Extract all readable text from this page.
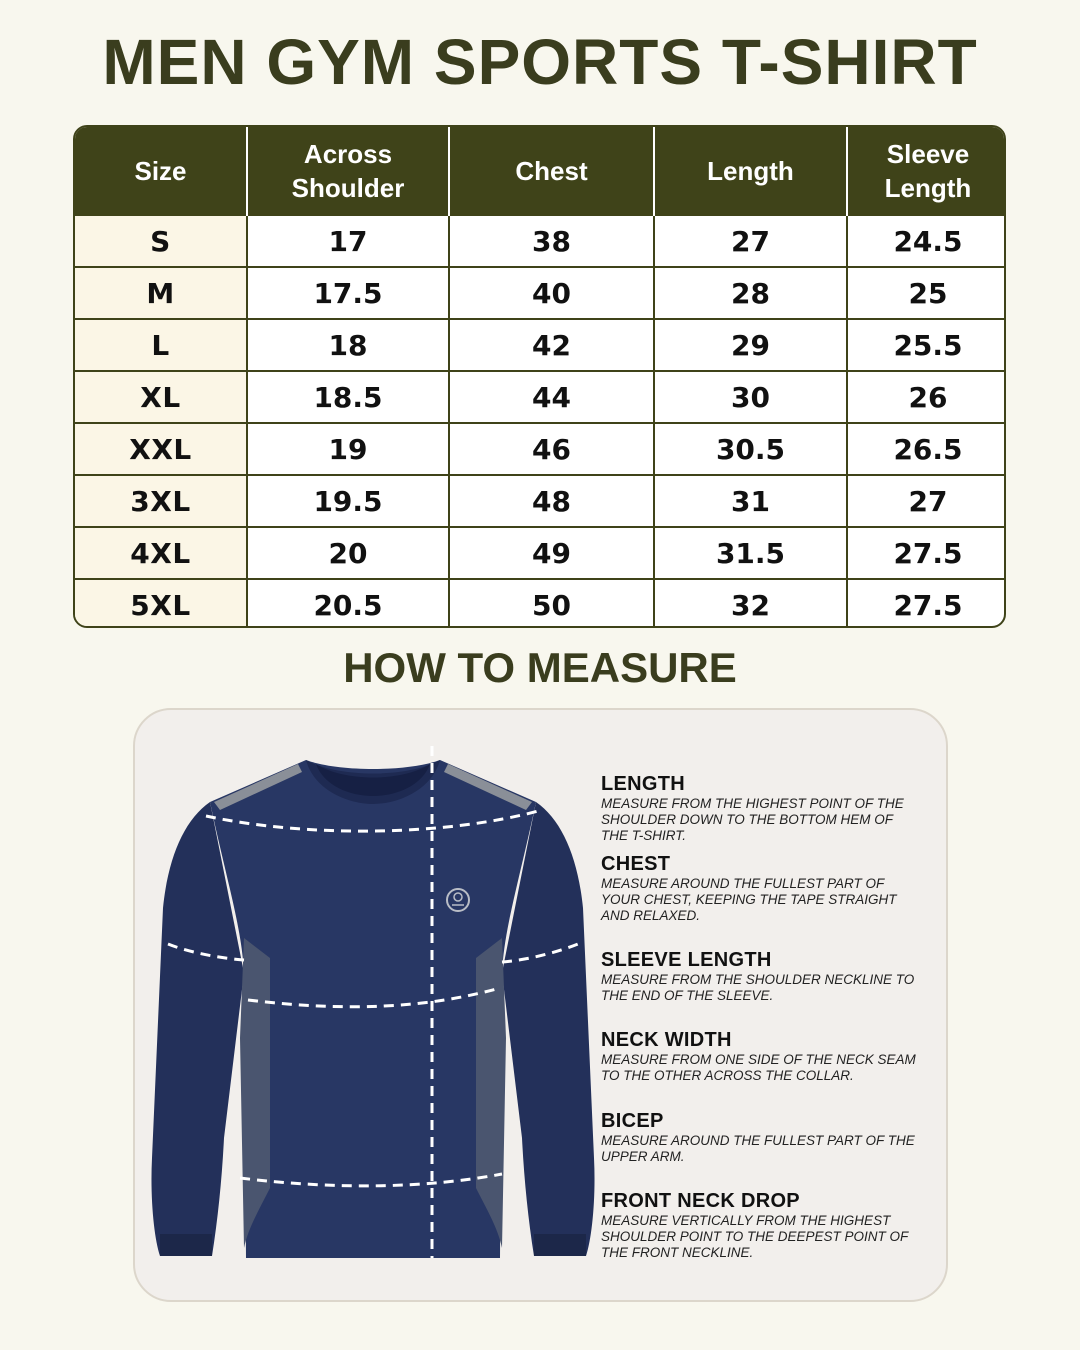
MEN GYM SPORTS T-SHIRT
Size	Across Shoulder	Chest	Length	Sleeve Length
S	17	38	27	24.5
M	17.5	40	28	25
L	18	42	29	25.5
XL	18.5	44	30	26
XXL	19	46	30.5	26.5
3XL	19.5	48	31	27
4XL	20	49	31.5	27.5
5XL	20.5	50	32	27.5
HOW TO MEASURE
LENGTH

MEASURE FROM THE HIGHEST POINT OF THE SHOULDER DOWN TO THE BOTTOM HEM OF THE T-SHIRT.

CHEST

MEASURE AROUND THE FULLEST PART OF YOUR CHEST, KEEPING THE TAPE STRAIGHT AND RELAXED.

SLEEVE LENGTH

MEASURE FROM THE SHOULDER NECKLINE TO THE END OF THE SLEEVE.

NECK WIDTH

MEASURE FROM ONE SIDE OF THE NECK SEAM TO THE OTHER ACROSS THE COLLAR.

BICEP

MEASURE AROUND THE FULLEST PART OF THE UPPER ARM.

FRONT NECK DROP

MEASURE VERTICALLY FROM THE HIGHEST SHOULDER POINT TO THE DEEPEST POINT OF THE FRONT NECKLINE.
